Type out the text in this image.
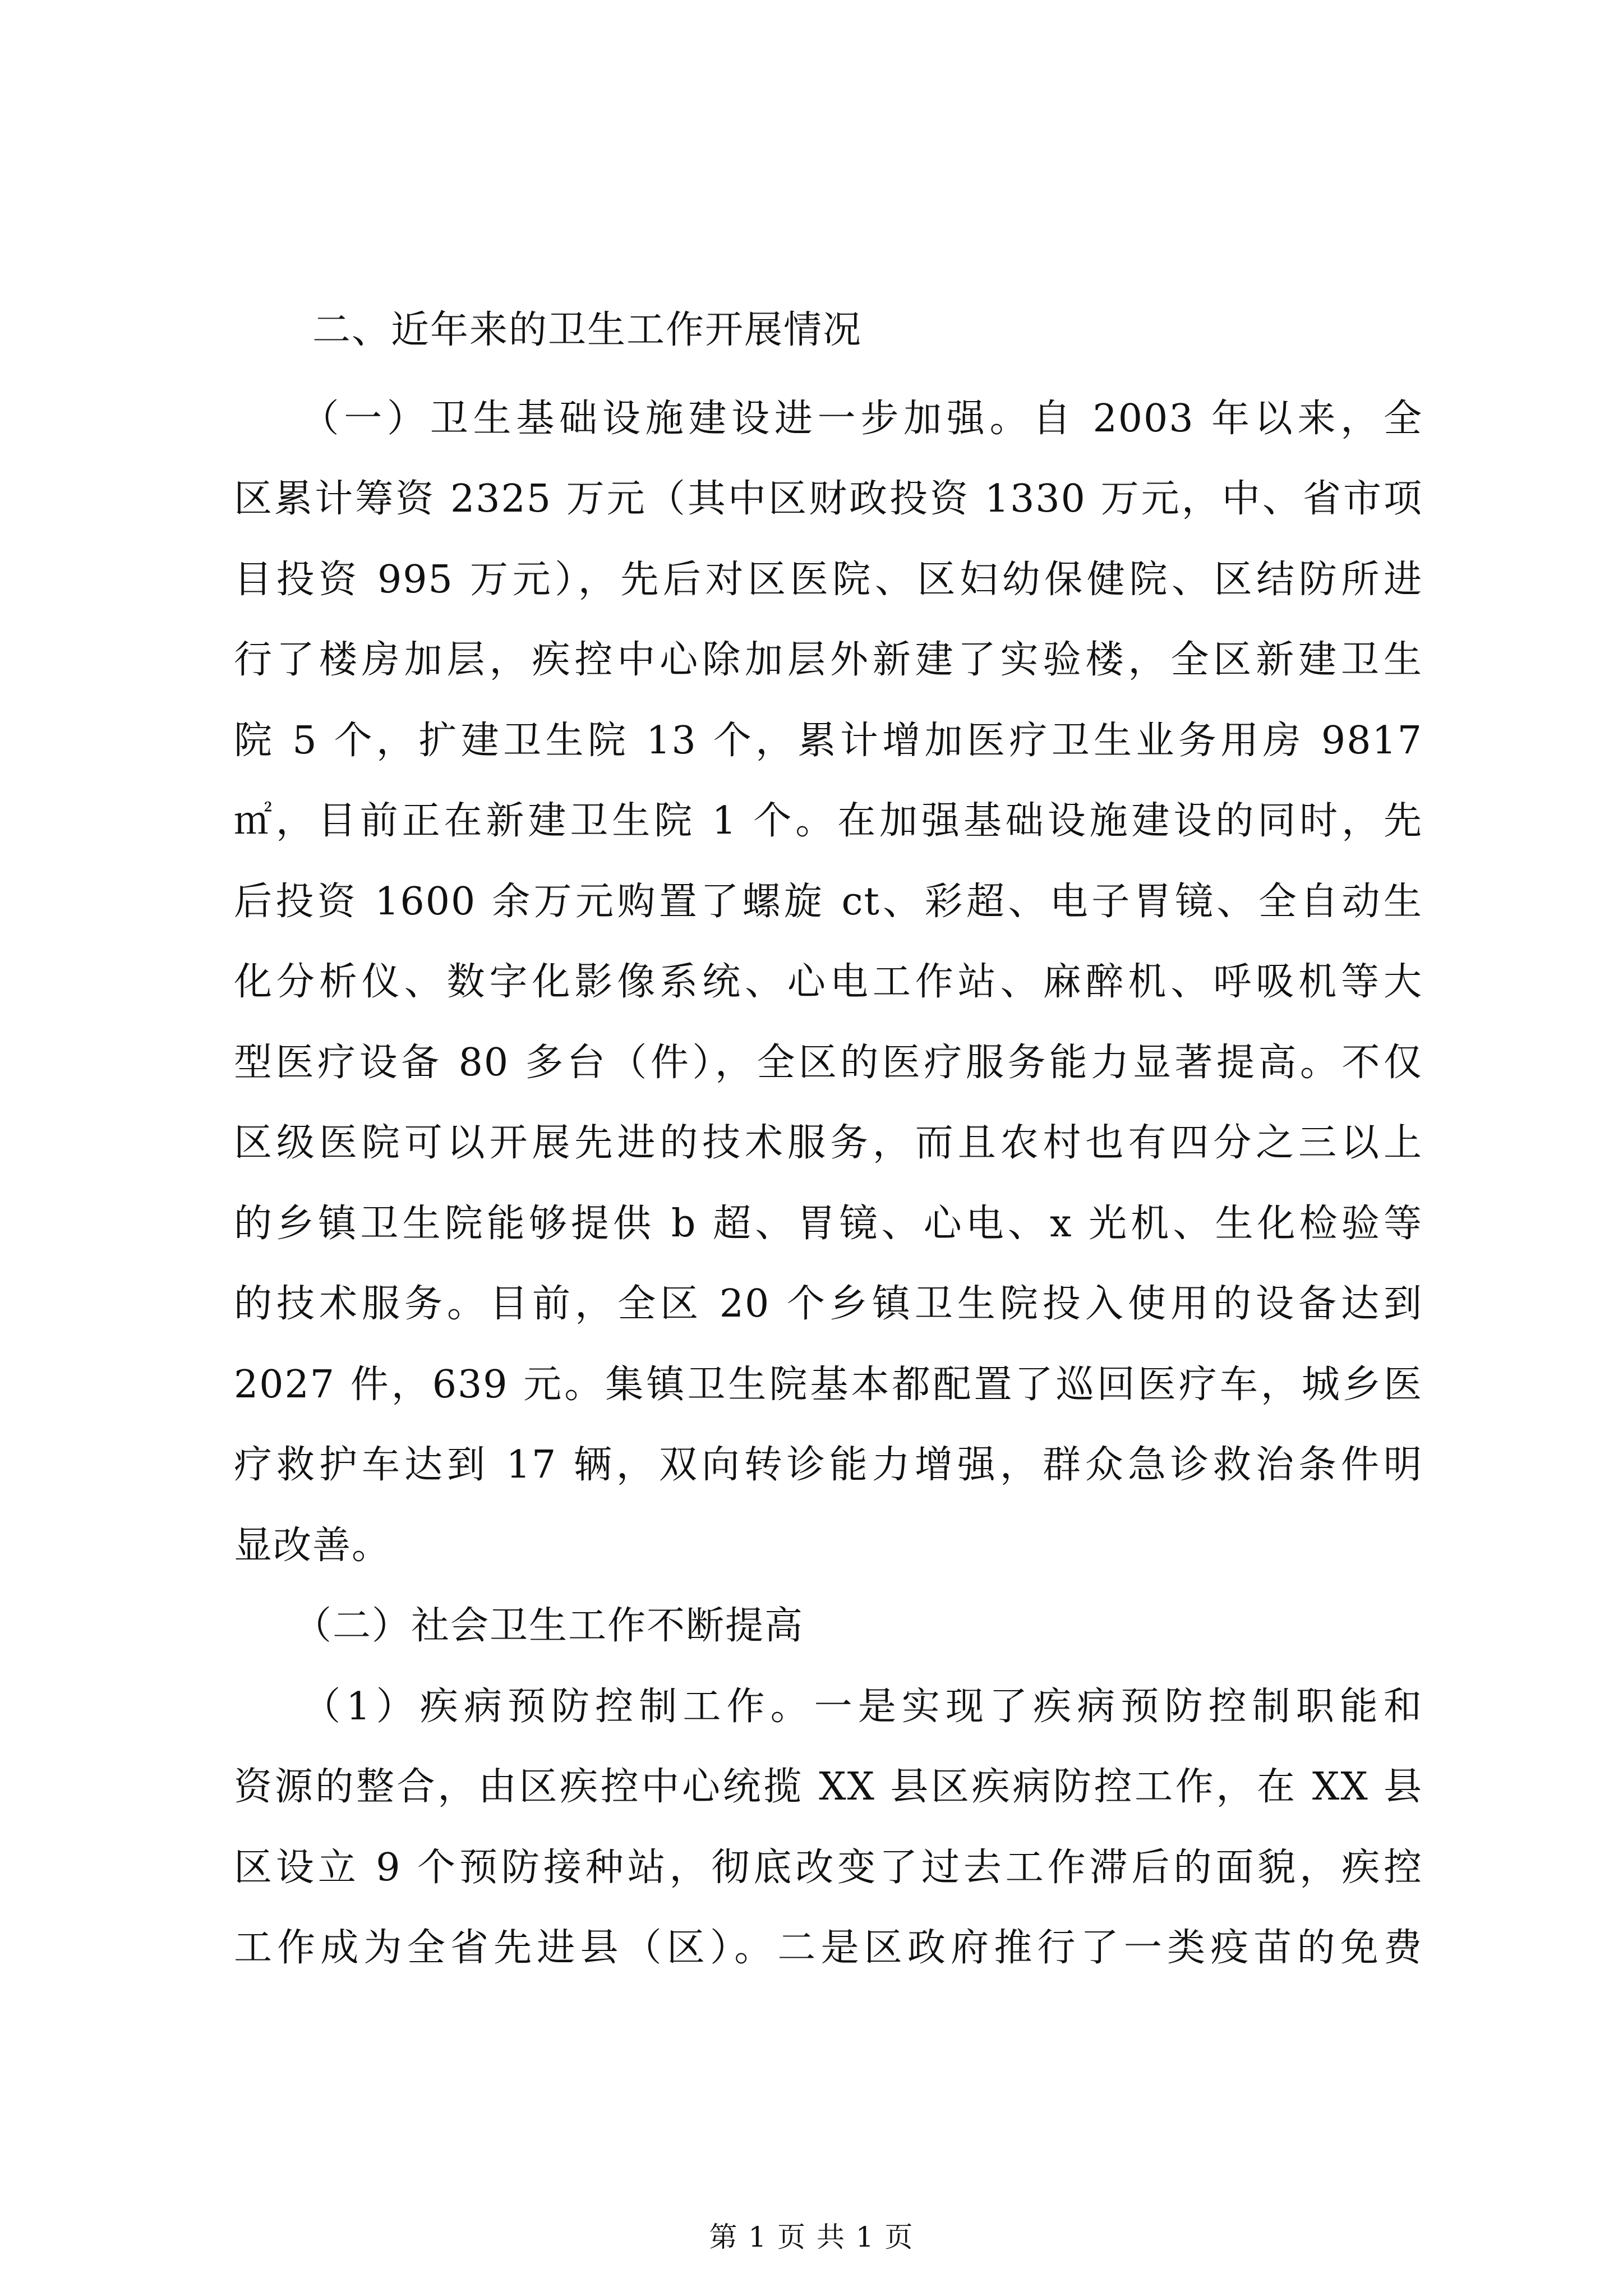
　　二、近年来的卫生工作开展情况
　　（一）卫生基础设施建设进一步加强。自 2003 年以来，全
区累计筹资 2325 万元（其中区财政投资 1330 万元，中、省市项
目投资 995 万元），先后对区医院、区妇幼保健院、区结防所进
行了楼房加层，疾控中心除加层外新建了实验楼，全区新建卫生
院 5 个，扩建卫生院 13 个，累计增加医疗卫生业务用房 9817
㎡，目前正在新建卫生院 1 个。在加强基础设施建设的同时，先
后投资 1600 余万元购置了螺旋 ct、彩超、电子胃镜、全自动生
化分析仪、数字化影像系统、心电工作站、麻醉机、呼吸机等大
型医疗设备 80 多台（件），全区的医疗服务能力显著提高。不仅
区级医院可以开展先进的技术服务，而且农村也有四分之三以上
的乡镇卫生院能够提供 b 超、胃镜、心电、x 光机、生化检验等
的技术服务。目前，全区 20 个乡镇卫生院投入使用的设备达到
2027 件，639 元。集镇卫生院基本都配置了巡回医疗车，城乡医
疗救护车达到 17 辆，双向转诊能力增强，群众急诊救治条件明
显改善。
　　（二）社会卫生工作不断提高
　　（1）疾病预防控制工作。一是实现了疾病预防控制职能和
资源的整合，由区疾控中心统揽 XX 县区疾病防控工作，在 XX 县
区设立 9 个预防接种站，彻底改变了过去工作滞后的面貌，疾控
工作成为全省先进县（区）。二是区政府推行了一类疫苗的免费
第 1 页 共 1 页
